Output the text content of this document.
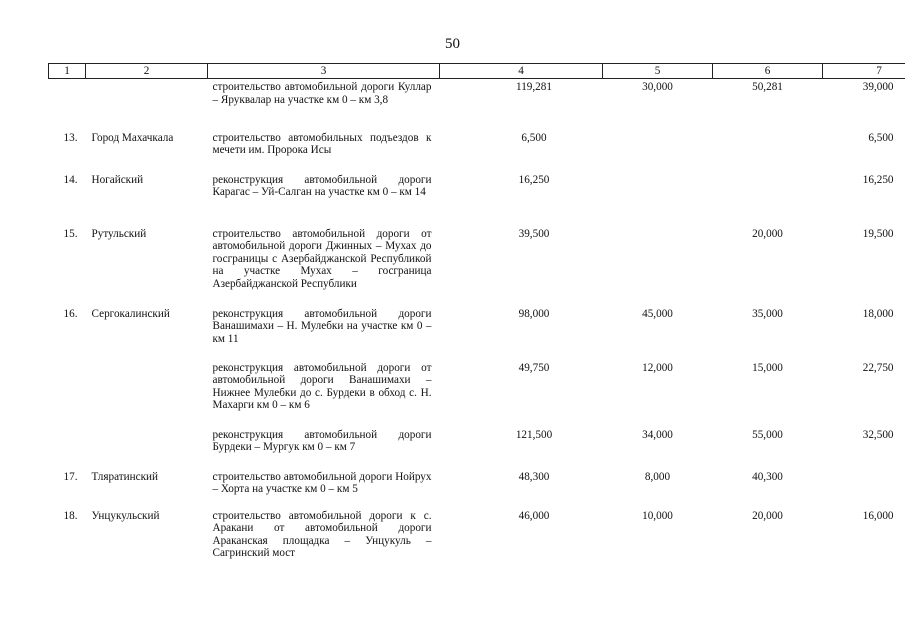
50
1	2	3	4	5	6	7
		строительство автомобильной дороги Куллар – Яруквалар на участке км 0 – км 3,8	119,281	30,000	50,281	39,000
13.	Город Махачкала	строительство автомобильных подъездов к мечети им. Пророка Исы	6,500			6,500
14.	Ногайский	реконструкция автомобильной дороги Карагас – Уй-Салган на участке км 0 – км 14	16,250			16,250
15.	Рутульский	строительство автомобильной дороги от автомобильной дороги Джинных – Мухах до госграницы с Азербайджанской Республикой на участке Мухах – госграница Азербайджанской Республики	39,500		20,000	19,500
16.	Сергокалинский	реконструкция автомобильной дороги Ванашимахи – Н. Мулебки на участке км 0 – км 11	98,000	45,000	35,000	18,000
		реконструкция автомобильной дороги от автомобильной дороги Ванашимахи – Нижнее Мулебки до с. Бурдеки в обход с. Н. Махарги км 0 – км 6	49,750	12,000	15,000	22,750
		реконструкция автомобильной дороги Бурдеки – Мургук км 0 – км 7	121,500	34,000	55,000	32,500
17.	Тляратинский	строительство автомобильной дороги Нойрух – Хорта на участке км 0 – км 5	48,300	8,000	40,300	
18.	Унцукульский	строительство автомобильной дороги к с. Аракани от автомобильной дороги Араканская площадка – Унцукуль – Сагринский мост	46,000	10,000	20,000	16,000
